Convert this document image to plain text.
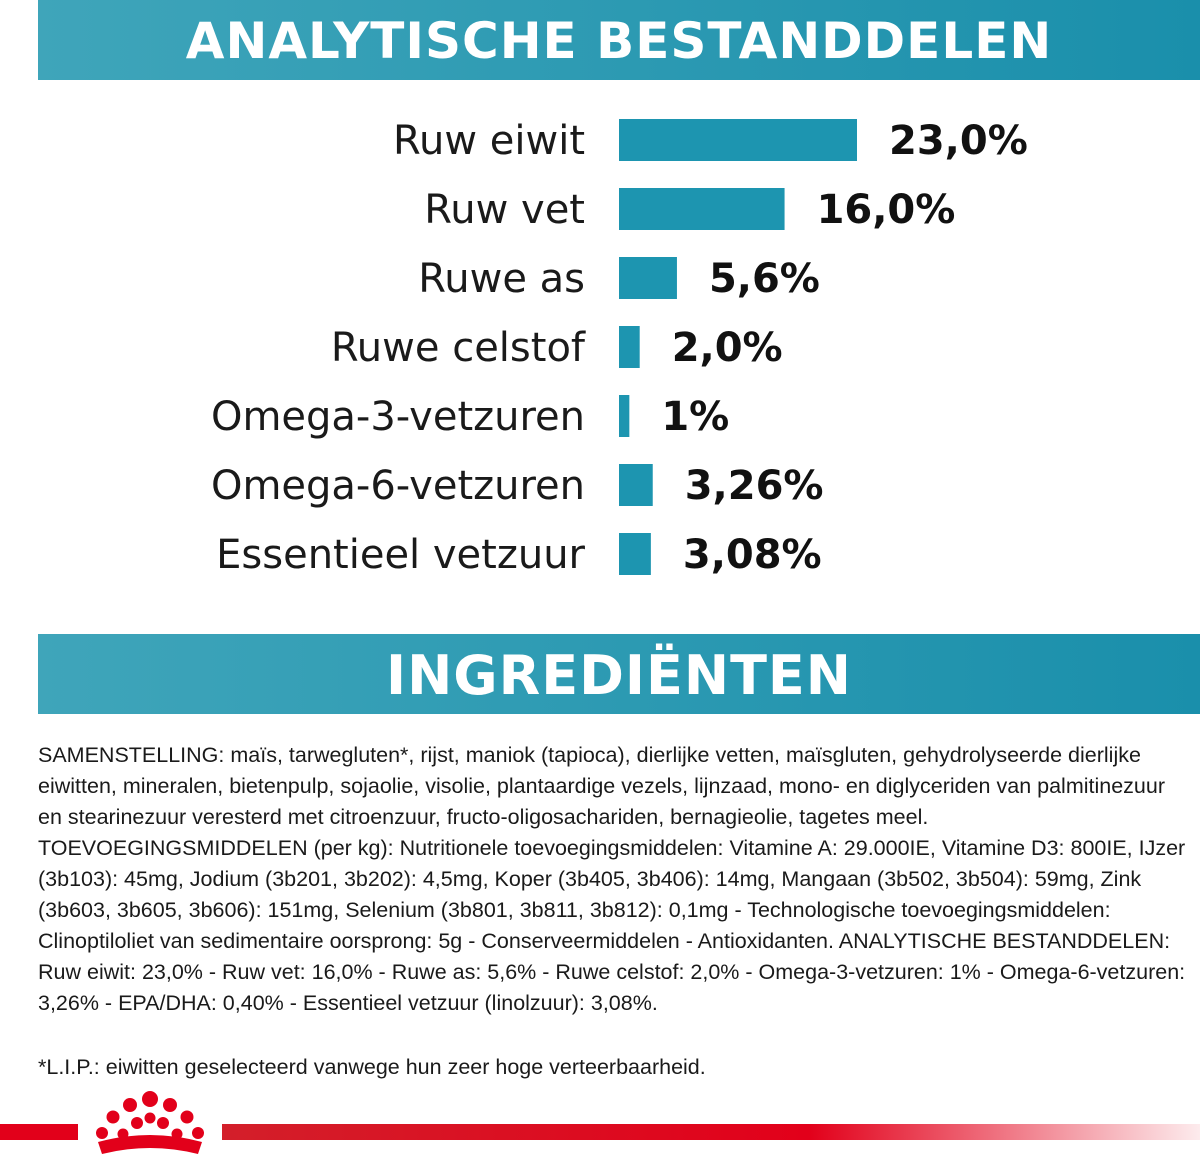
ANALYTISCHE BESTANDDELEN
Ruw eiwit	23,0%
Ruw vet	16,0%
Ruwe as	5,6%
Ruwe celstof 2,0%
Omega-3-vetzuren 1%
Omega-6-vetzuren 3,26%
Essentieel vetzuur 3,08%
INGREDIËNTEN

SAMENSTELLING: maïs, tarwegluten*, rijst, maniok (tapioca), dierlijke vetten, maïsgluten, gehydrolyseerde dierlijke eiwitten, mineralen, bietenpulp, sojaolie, visolie, plantaardige vezels, lijnzaad, mono- en diglyceriden van palmitinezuur en stearinezuur veresterd met citroenzuur, fructo-oligosachariden, bernagieolie, tagetes meel. TOEVOEGINGSMIDDELEN (per kg): Nutritionele toevoegingsmiddelen: Vitamine A: 29.000IE, Vitamine D3: 800IE, IJzer (3b103): 45mg, Jodium (3b201, 3b202): 4,5mg, Koper (3b405, 3b406): 14mg, Mangaan (3b502, 3b504): 59mg, Zink (3b603, 3b605, 3b606): 151mg, Selenium (3b801, 3b811, 3b812): 0,1mg - Technologische toevoegingsmiddelen: Clinoptiloliet van sedimentaire oorsprong: 5g - Conserveermiddelen - Antioxidanten. ANALYTISCHE BESTANDDELEN: Ruw eiwit: 23,0% - Ruw vet: 16,0% - Ruwe as: 5,6% - Ruwe celstof: 2,0% - Omega-3-vetzuren: 1% - Omega-6-vetzuren: 3,26% - EPA/DHA: 0,40% - Essentieel vetzuur (linolzuur): 3,08%.

*L.I.P.: eiwitten geselecteerd vanwege hun zeer hoge verteerbaarheid.
